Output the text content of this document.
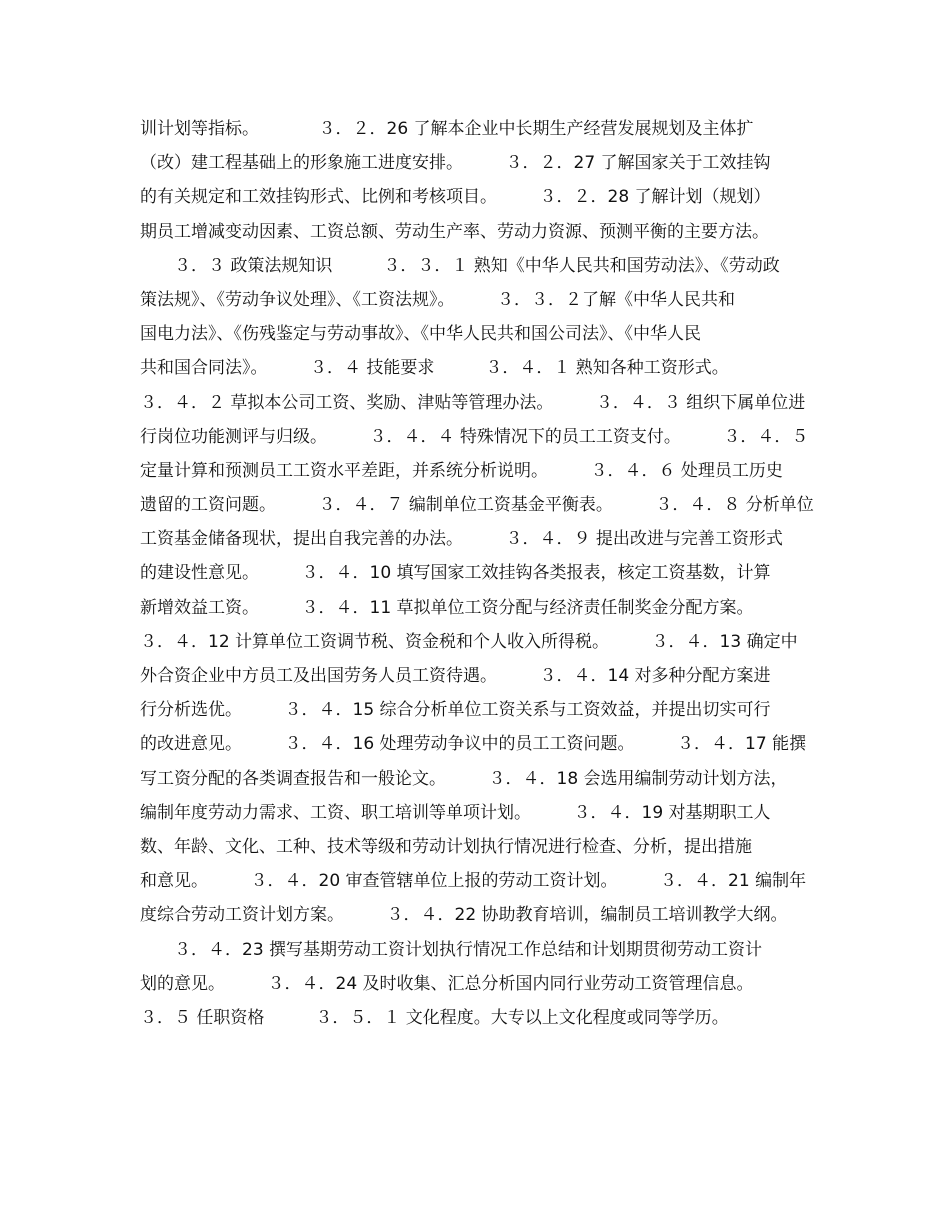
训计划等指标。　　　　３．２．26 了解本企业中长期生产经营发展规划及主体扩
（改）建工程基础上的形象施工进度安排。　　　３．２．27 了解国家关于工效挂钩
的有关规定和工效挂钩形式、比例和考核项目。　　　３．２．28 了解计划（规划）
期员工增减变动因素、工资总额、劳动生产率、劳动力资源、预测平衡的主要方法。
　　３．３ 政策法规知识　　　３．３．１ 熟知《中华人民共和国劳动法》、《劳动政
策法规》、《劳动争议处理》、《工资法规》。　　　３．３．２了解《中华人民共和
国电力法》、《伤残鉴定与劳动事故》、《中华人民共和国公司法》、《中华人民
共和国合同法》。　　　３．４ 技能要求　　　３．４．１ 熟知各种工资形式。
３．４．２ 草拟本公司工资、奖励、津贴等管理办法。　　　３．４．３ 组织下属单位进
行岗位功能测评与归级。　　　３．４．４ 特殊情况下的员工工资支付。　　　３．４．５
定量计算和预测员工工资水平差距，并系统分析说明。　　　３．４．６ 处理员工历史
遗留的工资问题。　　　３．４．７ 编制单位工资基金平衡表。　　　３．４．８ 分析单位
工资基金储备现状，提出自我完善的办法。　　　３．４．９ 提出改进与完善工资形式
的建设性意见。　　　３．４．10 填写国家工效挂钩各类报表，核定工资基数，计算
新增效益工资。　　　３．４．11 草拟单位工资分配与经济责任制奖金分配方案。
３．４．12 计算单位工资调节税、资金税和个人收入所得税。　　　３．４．13 确定中
外合资企业中方员工及出国劳务人员工资待遇。　　　３．４．14 对多种分配方案进
行分析选优。　　　３．４．15 综合分析单位工资关系与工资效益，并提出切实可行
的改进意见。　　　３．４．16 处理劳动争议中的员工工资问题。　　　３．４．17 能撰
写工资分配的各类调查报告和一般论文。　　　３．４．18 会选用编制劳动计划方法，
编制年度劳动力需求、工资、职工培训等单项计划。　　　３．４．19 对基期职工人
数、年龄、文化、工种、技术等级和劳动计划执行情况进行检查、分析，提出措施
和意见。　　　３．４．20 审查管辖单位上报的劳动工资计划。　　　３．４．21 编制年
度综合劳动工资计划方案。　　　３．４．22 协助教育培训，编制员工培训教学大纲。
　　３．４．23 撰写基期劳动工资计划执行情况工作总结和计划期贯彻劳动工资计
划的意见。　　　３．４．24 及时收集、汇总分析国内同行业劳动工资管理信息。
３．５ 任职资格　　　３．５．１ 文化程度。大专以上文化程度或同等学历。
